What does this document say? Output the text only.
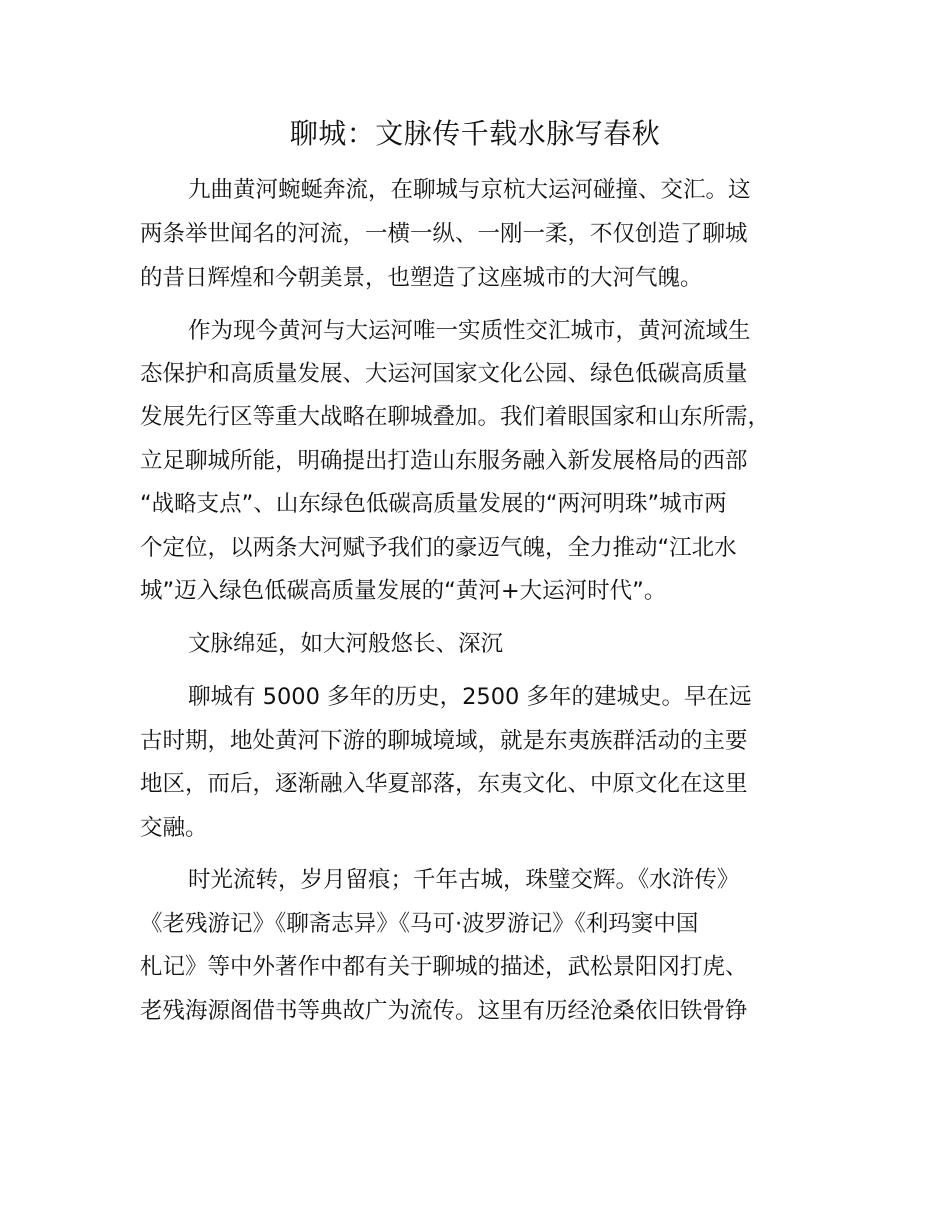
聊城：文脉传千载水脉写春秋

九曲黄河蜿蜒奔流，在聊城与京杭大运河碰撞、交汇。这

两条举世闻名的河流，一横一纵、一刚一柔，不仅创造了聊城

的昔日辉煌和今朝美景，也塑造了这座城市的大河气魄。

作为现今黄河与大运河唯一实质性交汇城市，黄河流域生

态保护和高质量发展、大运河国家文化公园、绿色低碳高质量

发展先行区等重大战略在聊城叠加。我们着眼国家和山东所需，

立足聊城所能，明确提出打造山东服务融入新发展格局的西部

“战略支点”、山东绿色低碳高质量发展的“两河明珠”城市两

个定位，以两条大河赋予我们的豪迈气魄，全力推动“江北水

城”迈入绿色低碳高质量发展的“黄河+大运河时代”。

文脉绵延，如大河般悠长、深沉

聊城有 5000 多年的历史，2500 多年的建城史。早在远

古时期，地处黄河下游的聊城境域，就是东夷族群活动的主要

地区，而后，逐渐融入华夏部落，东夷文化、中原文化在这里

交融。

时光流转，岁月留痕；千年古城，珠璧交辉。《水浒传》

《老残游记》《聊斋志异》《马可·波罗游记》《利玛窦中国

札记》等中外著作中都有关于聊城的描述，武松景阳冈打虎、

老残海源阁借书等典故广为流传。这里有历经沧桑依旧铁骨铮
